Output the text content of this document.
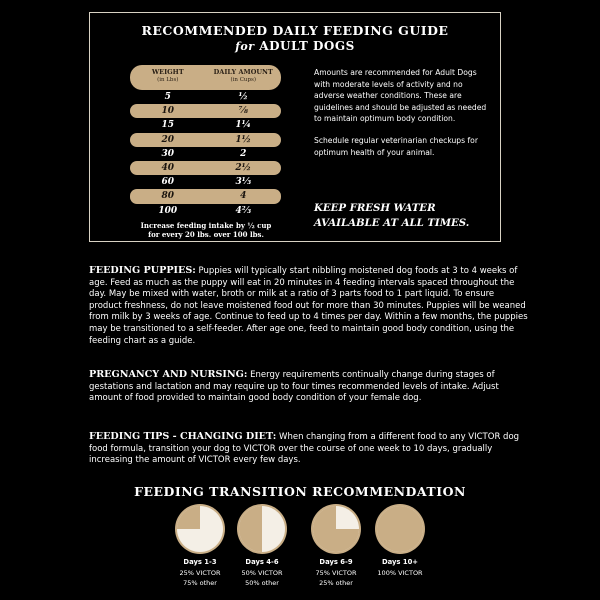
RECOMMENDED DAILY FEEDING GUIDE
for ADULT DOGS
WEIGHT
(in Lbs)
DAILY AMOUNT
(in Cups)
5	½
10	⅞
15	1¼
20	1½
30	2
40	2½
60	3⅓
80	4
100	4⅔
Increase feeding intake by ½ cup
for every 20 lbs. over 100 lbs.

Amounts are recommended for Adult Dogs with moderate levels of activity and no adverse weather conditions. These are guidelines and should be adjusted as needed to maintain optimum body condition.

Schedule regular veterinarian checkups for optimum health of your animal.

KEEP FRESH WATER AVAILABLE AT ALL TIMES.
FEEDING PUPPIES: Puppies will typically start nibbling moistened dog foods at 3 to 4 weeks of age. Feed as much as the puppy will eat in 20 minutes in 4 feeding intervals spaced throughout the day. May be mixed with water, broth or milk at a ratio of 3 parts food to 1 part liquid. To ensure product freshness, do not leave moistened food out for more than 30 minutes. Puppies will be weaned from milk by 3 weeks of age. Continue to feed up to 4 times per day. Within a few months, the puppies may be transitioned to a self-feeder. After age one, feed to maintain good body condition, using the feeding chart as a guide.
PREGNANCY AND NURSING: Energy requirements continually change during stages of gestations and lactation and may require up to four times recommended levels of intake. Adjust amount of food provided to maintain good body condition of your female dog.
FEEDING TIPS - CHANGING DIET: When changing from a different food to any VICTOR dog food formula, transition your dog to VICTOR over the course of one week to 10 days, gradually increasing the amount of VICTOR every few days.
FEEDING TRANSITION RECOMMENDATION
Days 1-3
25% VICTOR
75% other
Days 4-6
50% VICTOR
50% other
Days 6-9
75% VICTOR
25% other
Days 10+
100% VICTOR
